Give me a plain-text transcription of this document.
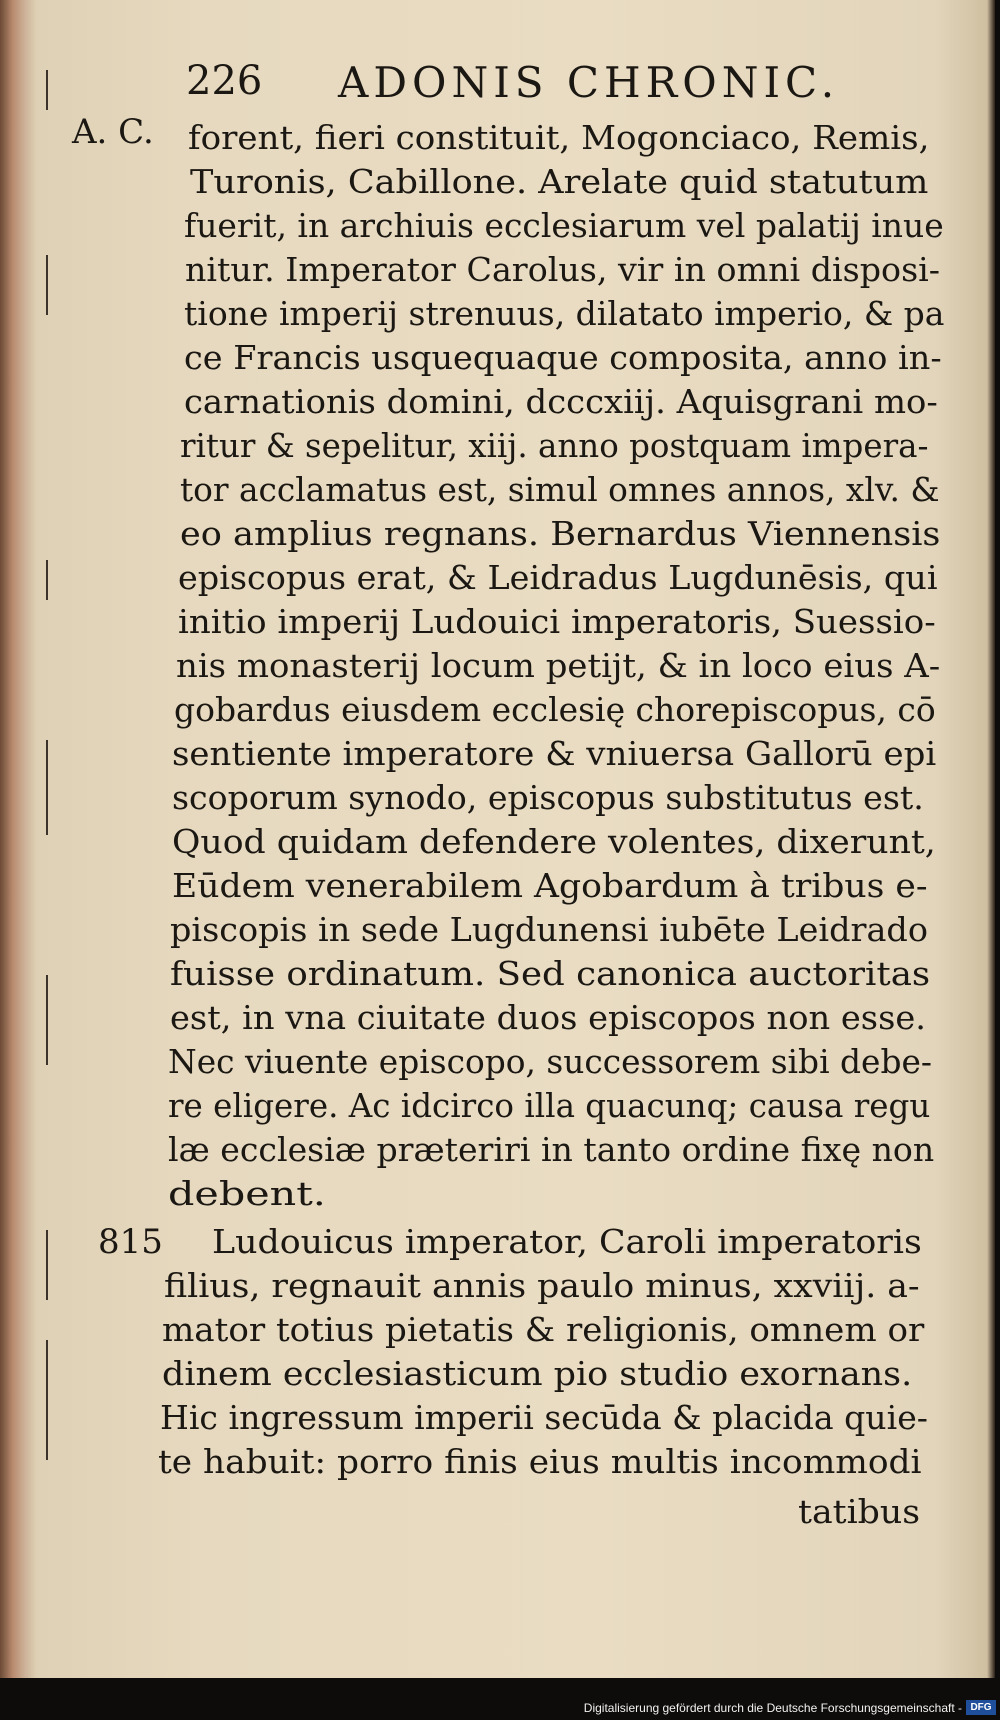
226 ADONIS CHRONIC.
A. C.
815
forent, fieri constituit, Mogonciaco, Remis,
Turonis, Cabillone. Arelate quid statutum
fuerit, in archiuis ecclesiarum vel palatij inue
nitur. Imperator Carolus, vir in omni disposi-
tione imperij strenuus, dilatato imperio, & pa
ce Francis usquequaque composita, anno in-
carnationis domini, dcccxiij. Aquisgrani mo-
ritur & sepelitur, xiij. anno postquam impera-
tor acclamatus est, simul omnes annos, xlv. &
eo amplius regnans. Bernardus Viennensis
episcopus erat, & Leidradus Lugdunēsis, qui
initio imperij Ludouici imperatoris, Suessio-
nis monasterij locum petijt, & in loco eius A-
gobardus eiusdem ecclesię chorepiscopus, cō
sentiente imperatore & vniuersa Gallorū epi
scoporum synodo, episcopus substitutus est.
Quod quidam defendere volentes, dixerunt,
Eūdem venerabilem Agobardum à tribus e-
piscopis in sede Lugdunensi iubēte Leidrado
fuisse ordinatum. Sed canonica auctoritas
est, in vna ciuitate duos episcopos non esse.
Nec viuente episcopo, successorem sibi debe-
re eligere. Ac idcirco illa quacunq; causa regu
læ ecclesiæ præteriri in tanto ordine fixę non
debent.
Ludouicus imperator, Caroli imperatoris
filius, regnauit annis paulo minus, xxviij. a-
mator totius pietatis & religionis, omnem or
dinem ecclesiasticum pio studio exornans.
Hic ingressum imperii secūda & placida quie-
te habuit: porro finis eius multis incommodi
tatibus
Digitalisierung gefördert durch die Deutsche Forschungsgemeinschaft - DFG
